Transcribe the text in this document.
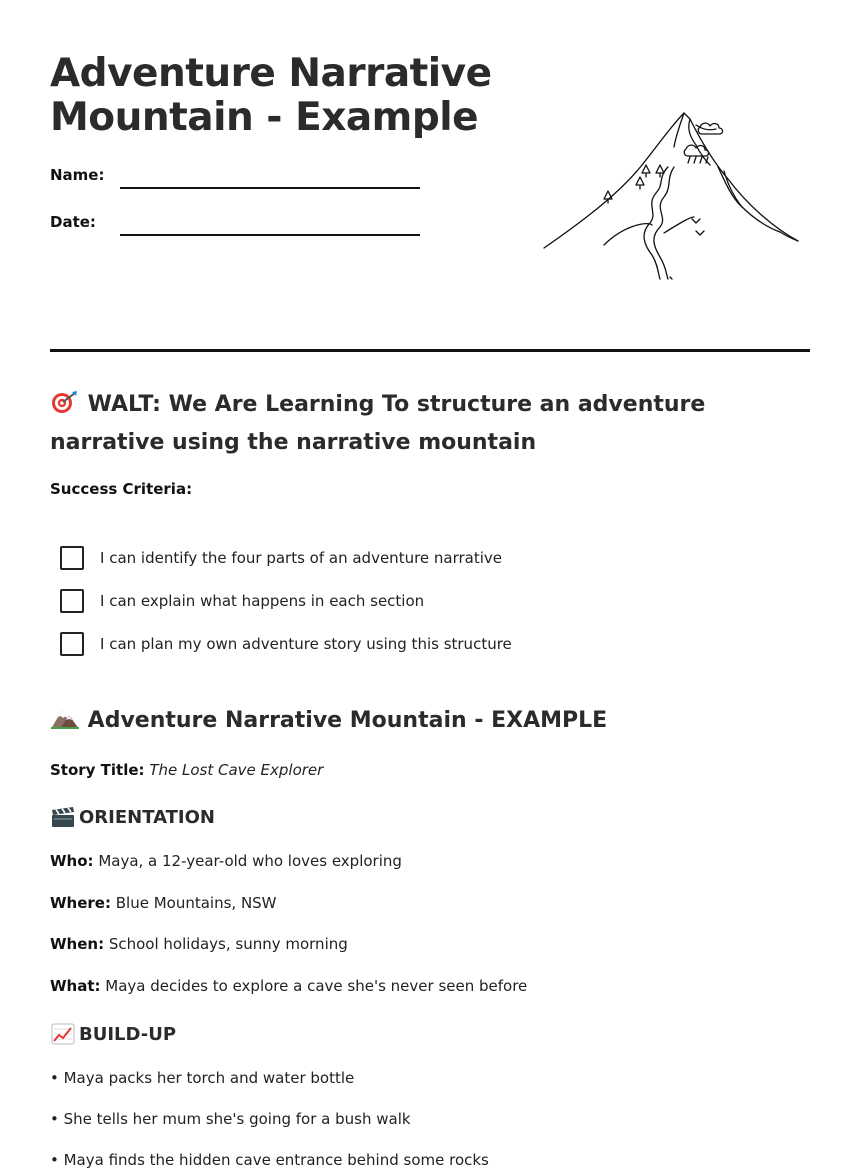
Adventure Narrative
Mountain - Example
Name:
Date:
WALT: We Are Learning To structure an adventure narrative using the narrative mountain
Success Criteria:
I can identify the four parts of an adventure narrative
I can explain what happens in each section
I can plan my own adventure story using this structure
Adventure Narrative Mountain - EXAMPLE
Story Title: The Lost Cave Explorer
ORIENTATION
Who: Maya, a 12-year-old who loves exploring
Where: Blue Mountains, NSW
When: School holidays, sunny morning
What: Maya decides to explore a cave she's never seen before
BUILD-UP
• Maya packs her torch and water bottle
• She tells her mum she's going for a bush walk
• Maya finds the hidden cave entrance behind some rocks
